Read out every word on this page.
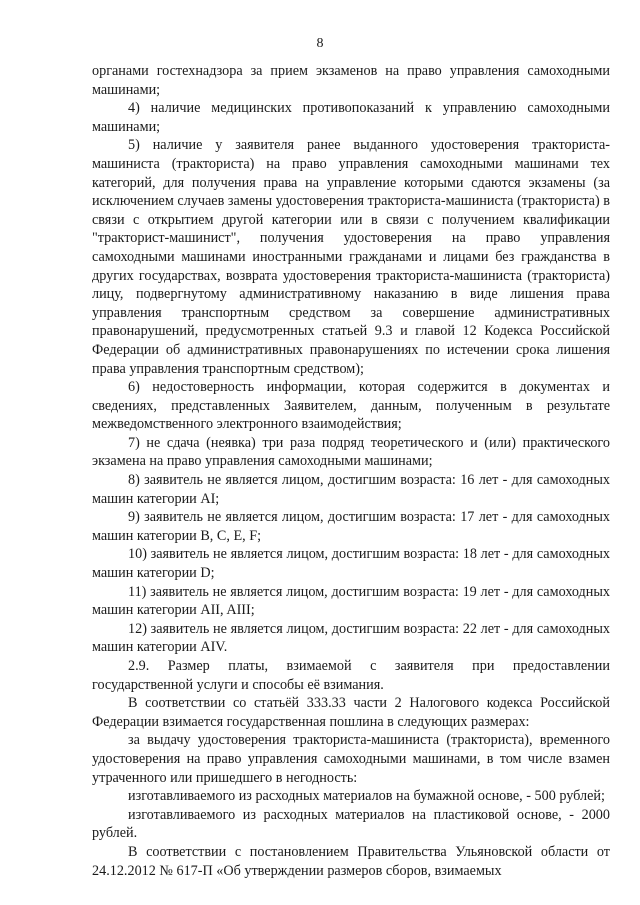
8

органами гостехнадзора за прием экзаменов на право управления самоходными машинами;

4) наличие медицинских противопоказаний к управлению самоходными машинами;

5) наличие у заявителя ранее выданного удостоверения тракториста-машиниста (тракториста) на право управления самоходными машинами тех категорий, для получения права на управление которыми сдаются экзамены (за исключением случаев замены удостоверения тракториста-машиниста (тракториста) в связи с открытием другой категории или в связи с получением квалификации "тракторист-машинист", получения удостоверения на право управления самоходными машинами иностранными гражданами и лицами без гражданства в других государствах, возврата удостоверения тракториста-машиниста (тракториста) лицу, подвергнутому административному наказанию в виде лишения права управления транспортным средством за совершение административных правонарушений, предусмотренных статьей 9.3 и главой 12 Кодекса Российской Федерации об административных правонарушениях по истечении срока лишения права управления транспортным средством);

6) недостоверность информации, которая содержится в документах и сведениях, представленных Заявителем, данным, полученным в результате межведомственного электронного взаимодействия;

7) не сдача (неявка) три раза подряд теоретического и (или) практического экзамена на право управления самоходными машинами;

8) заявитель не является лицом, достигшим возраста: 16 лет - для самоходных машин категории AI;

9) заявитель не является лицом, достигшим возраста: 17 лет - для самоходных машин категории B, C, E, F;

10) заявитель не является лицом, достигшим возраста: 18 лет - для самоходных машин категории D;

11) заявитель не является лицом, достигшим возраста: 19 лет - для самоходных машин категории AII, AIII;

12) заявитель не является лицом, достигшим возраста: 22 лет - для самоходных машин категории AIV.

2.9. Размер платы, взимаемой с заявителя при предоставлении государственной услуги и способы её взимания.

В соответствии со статьёй 333.33 части 2 Налогового кодекса Российской Федерации взимается государственная пошлина в следующих размерах:

за выдачу удостоверения тракториста-машиниста (тракториста), временного удостоверения на право управления самоходными машинами, в том числе взамен утраченного или пришедшего в негодность:

изготавливаемого из расходных материалов на бумажной основе, - 500 рублей;

изготавливаемого из расходных материалов на пластиковой основе, - 2000 рублей.

В соответствии с постановлением Правительства Ульяновской области от 24.12.2012 № 617-П «Об утверждении размеров сборов, взимаемых
